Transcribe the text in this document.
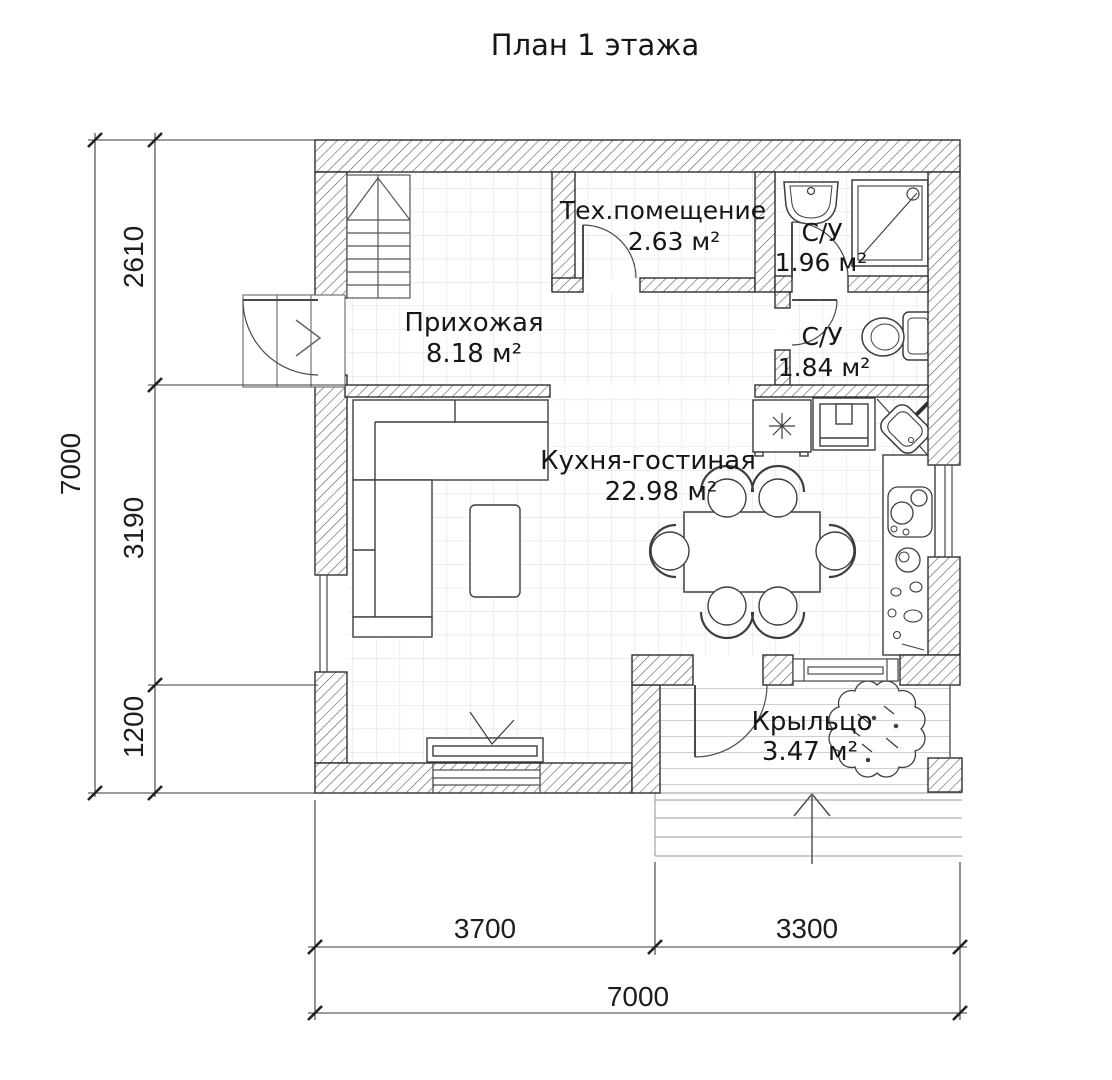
План 1 этажа
Тех.помещение
2.63 м²	С/У
1.96 м²
С/У
1.84 м²
Прихожая
8.18 м²
Кухня-гостиная
22.98 м²
Крыльцо
3.47 м²
2610
3190
1200
7000
3700	3300
7000
